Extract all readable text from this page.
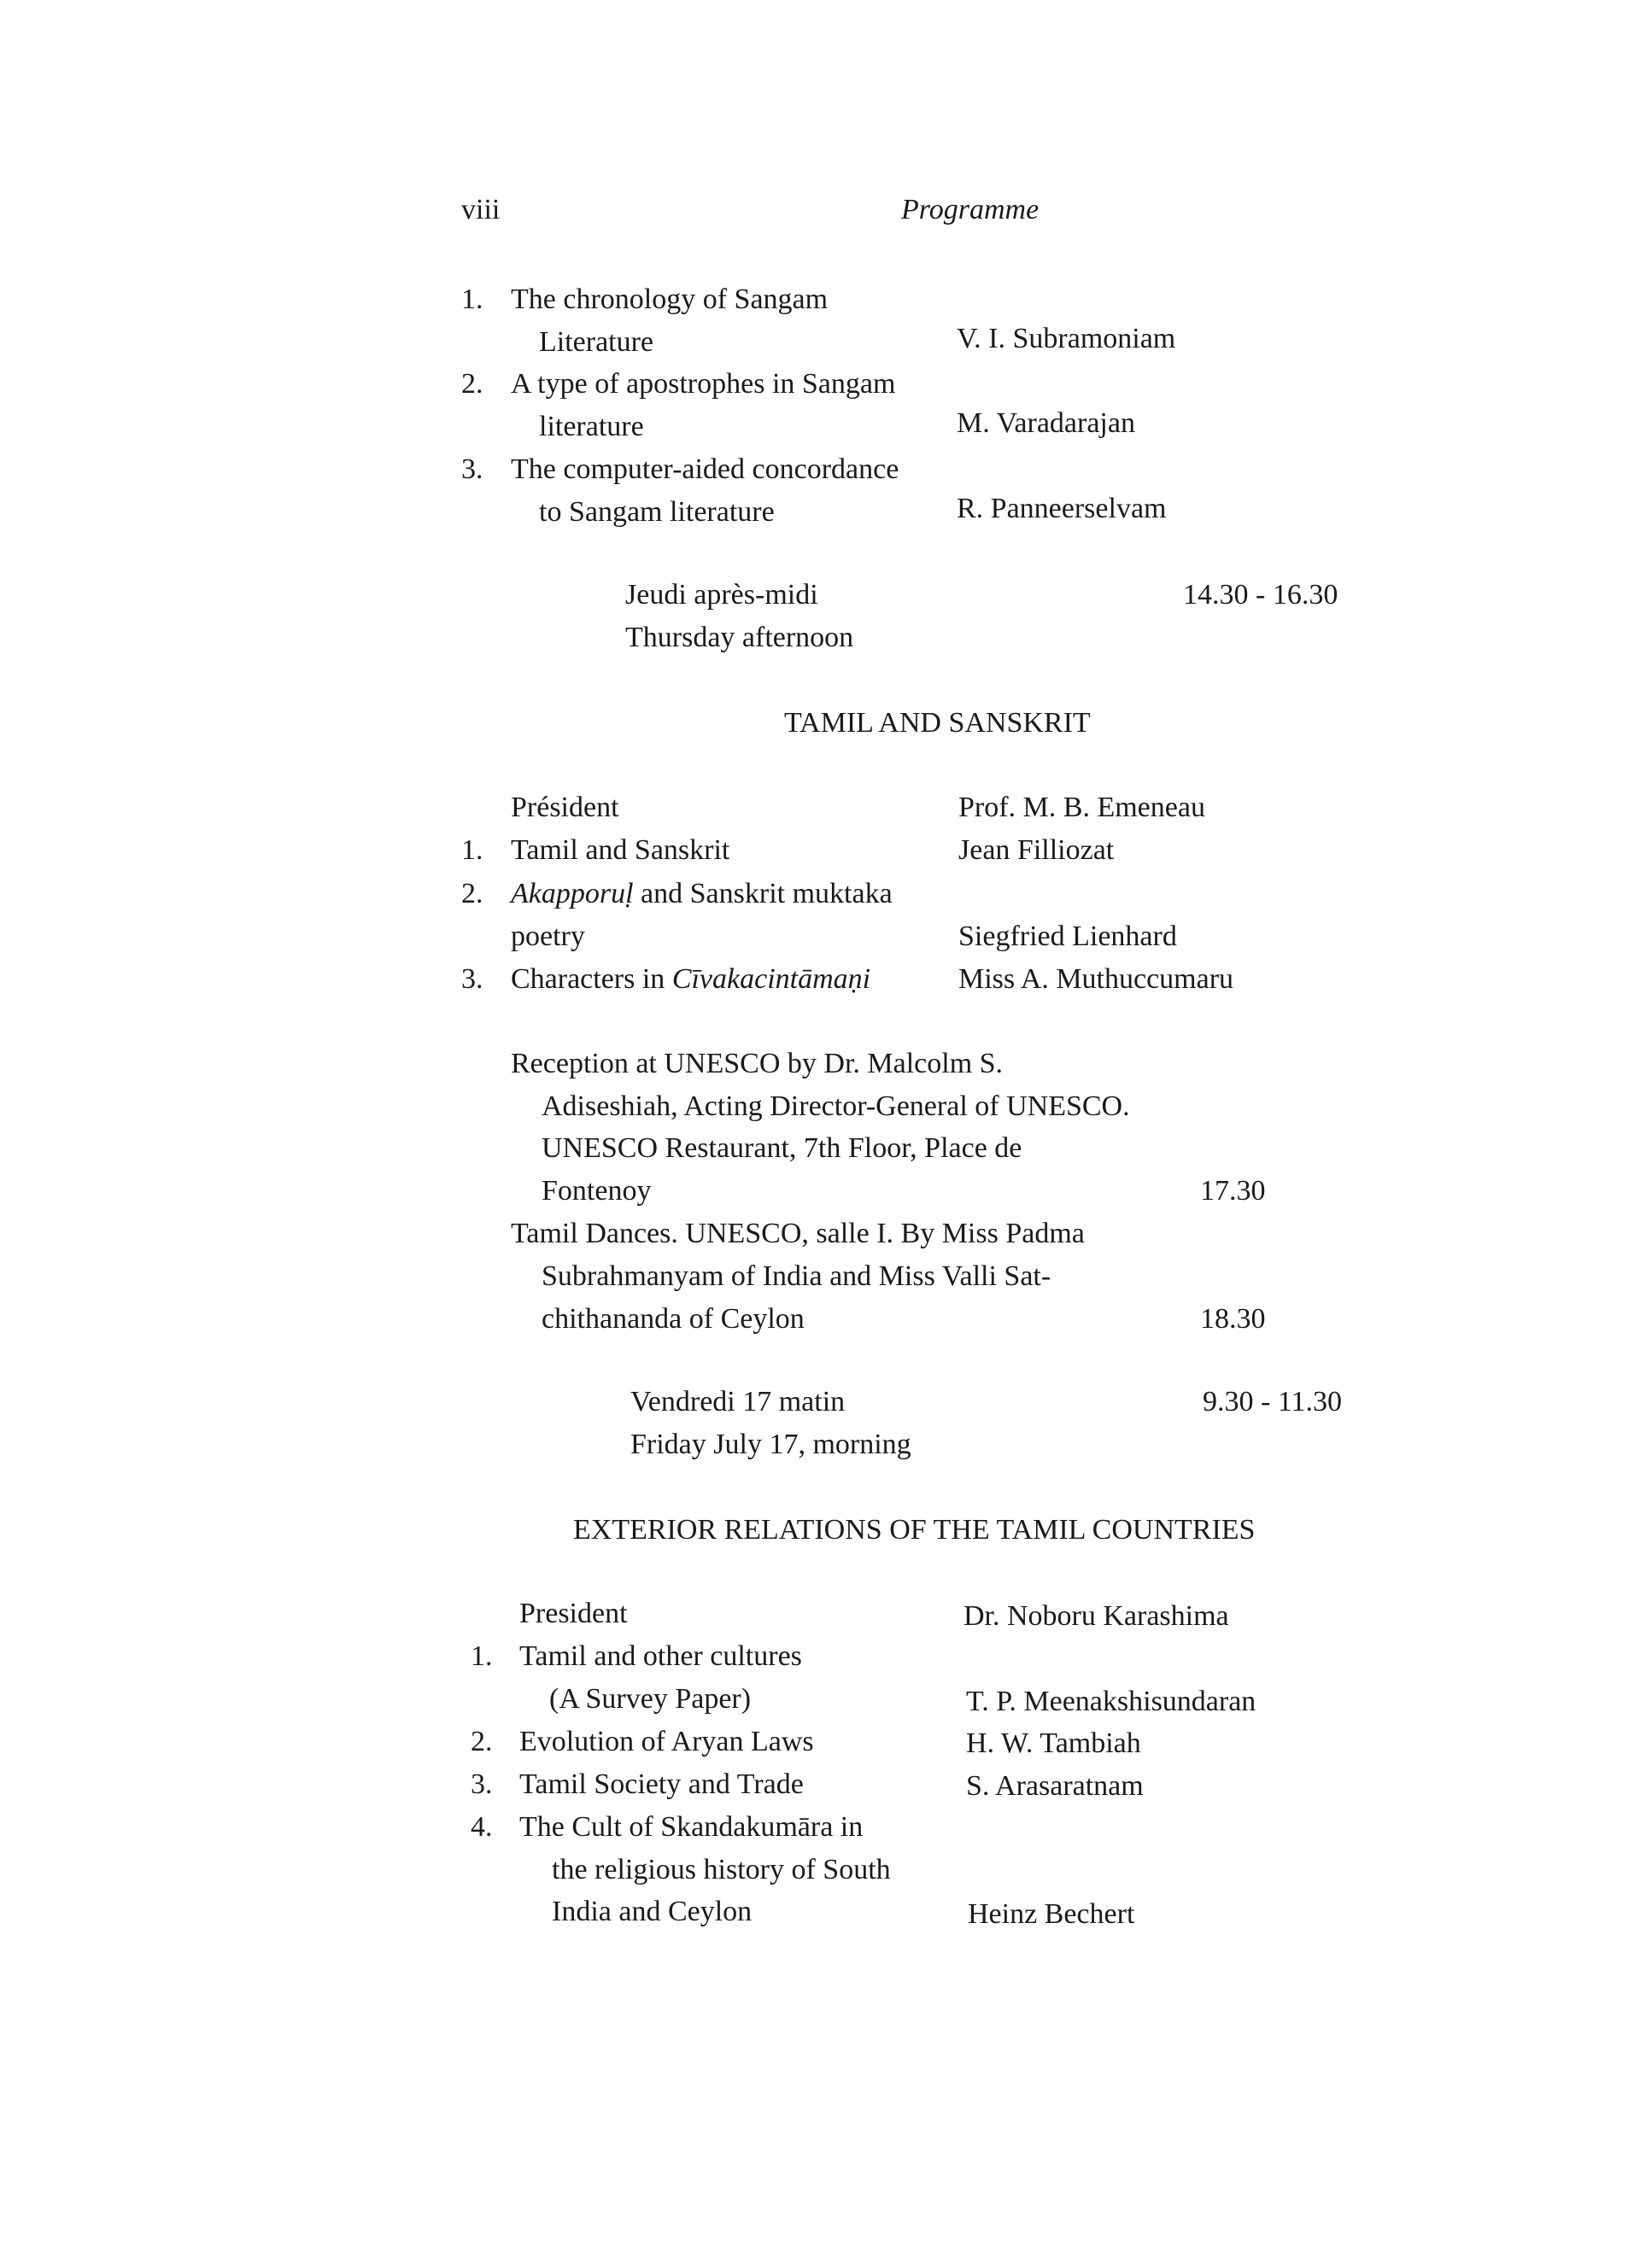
viii	Programme
1. The chronology of Sangam
Literature	V. I. Subramoniam
2. A type of apostrophes in Sangam
literature	M. Varadarajan
3. The computer-aided concordance
to Sangam literature	R. Panneerselvam
Jeudi après-midi
Thursday afternoon
14.30 - 16.30
TAMIL AND SANSKRIT
Président	Prof. M. B. Emeneau
1. Tamil and Sanskrit	Jean Filliozat
2. Akapporuḷ and Sanskrit muktaka
poetry	Siegfried Lienhard
3. Characters in Cīvakacintāmaṇi	Miss A. Muthuccumaru
Reception at UNESCO by Dr. Malcolm S.
Adiseshiah, Acting Director-General of UNESCO.
UNESCO Restaurant, 7th Floor, Place de
Fontenoy	17.30
Tamil Dances. UNESCO, salle I. By Miss Padma
Subrahmanyam of India and Miss Valli Sat-
chithananda of Ceylon	18.30
Vendredi 17 matin
Friday July 17, morning
9.30 - 11.30
EXTERIOR RELATIONS OF THE TAMIL COUNTRIES
President	Dr. Noboru Karashima
1. Tamil and other cultures
(A Survey Paper)	T. P. Meenakshisundaran
2. Evolution of Aryan Laws	H. W. Tambiah
3. Tamil Society and Trade	S. Arasaratnam
4. The Cult of Skandakumāra in
the religious history of South
India and Ceylon	Heinz Bechert
